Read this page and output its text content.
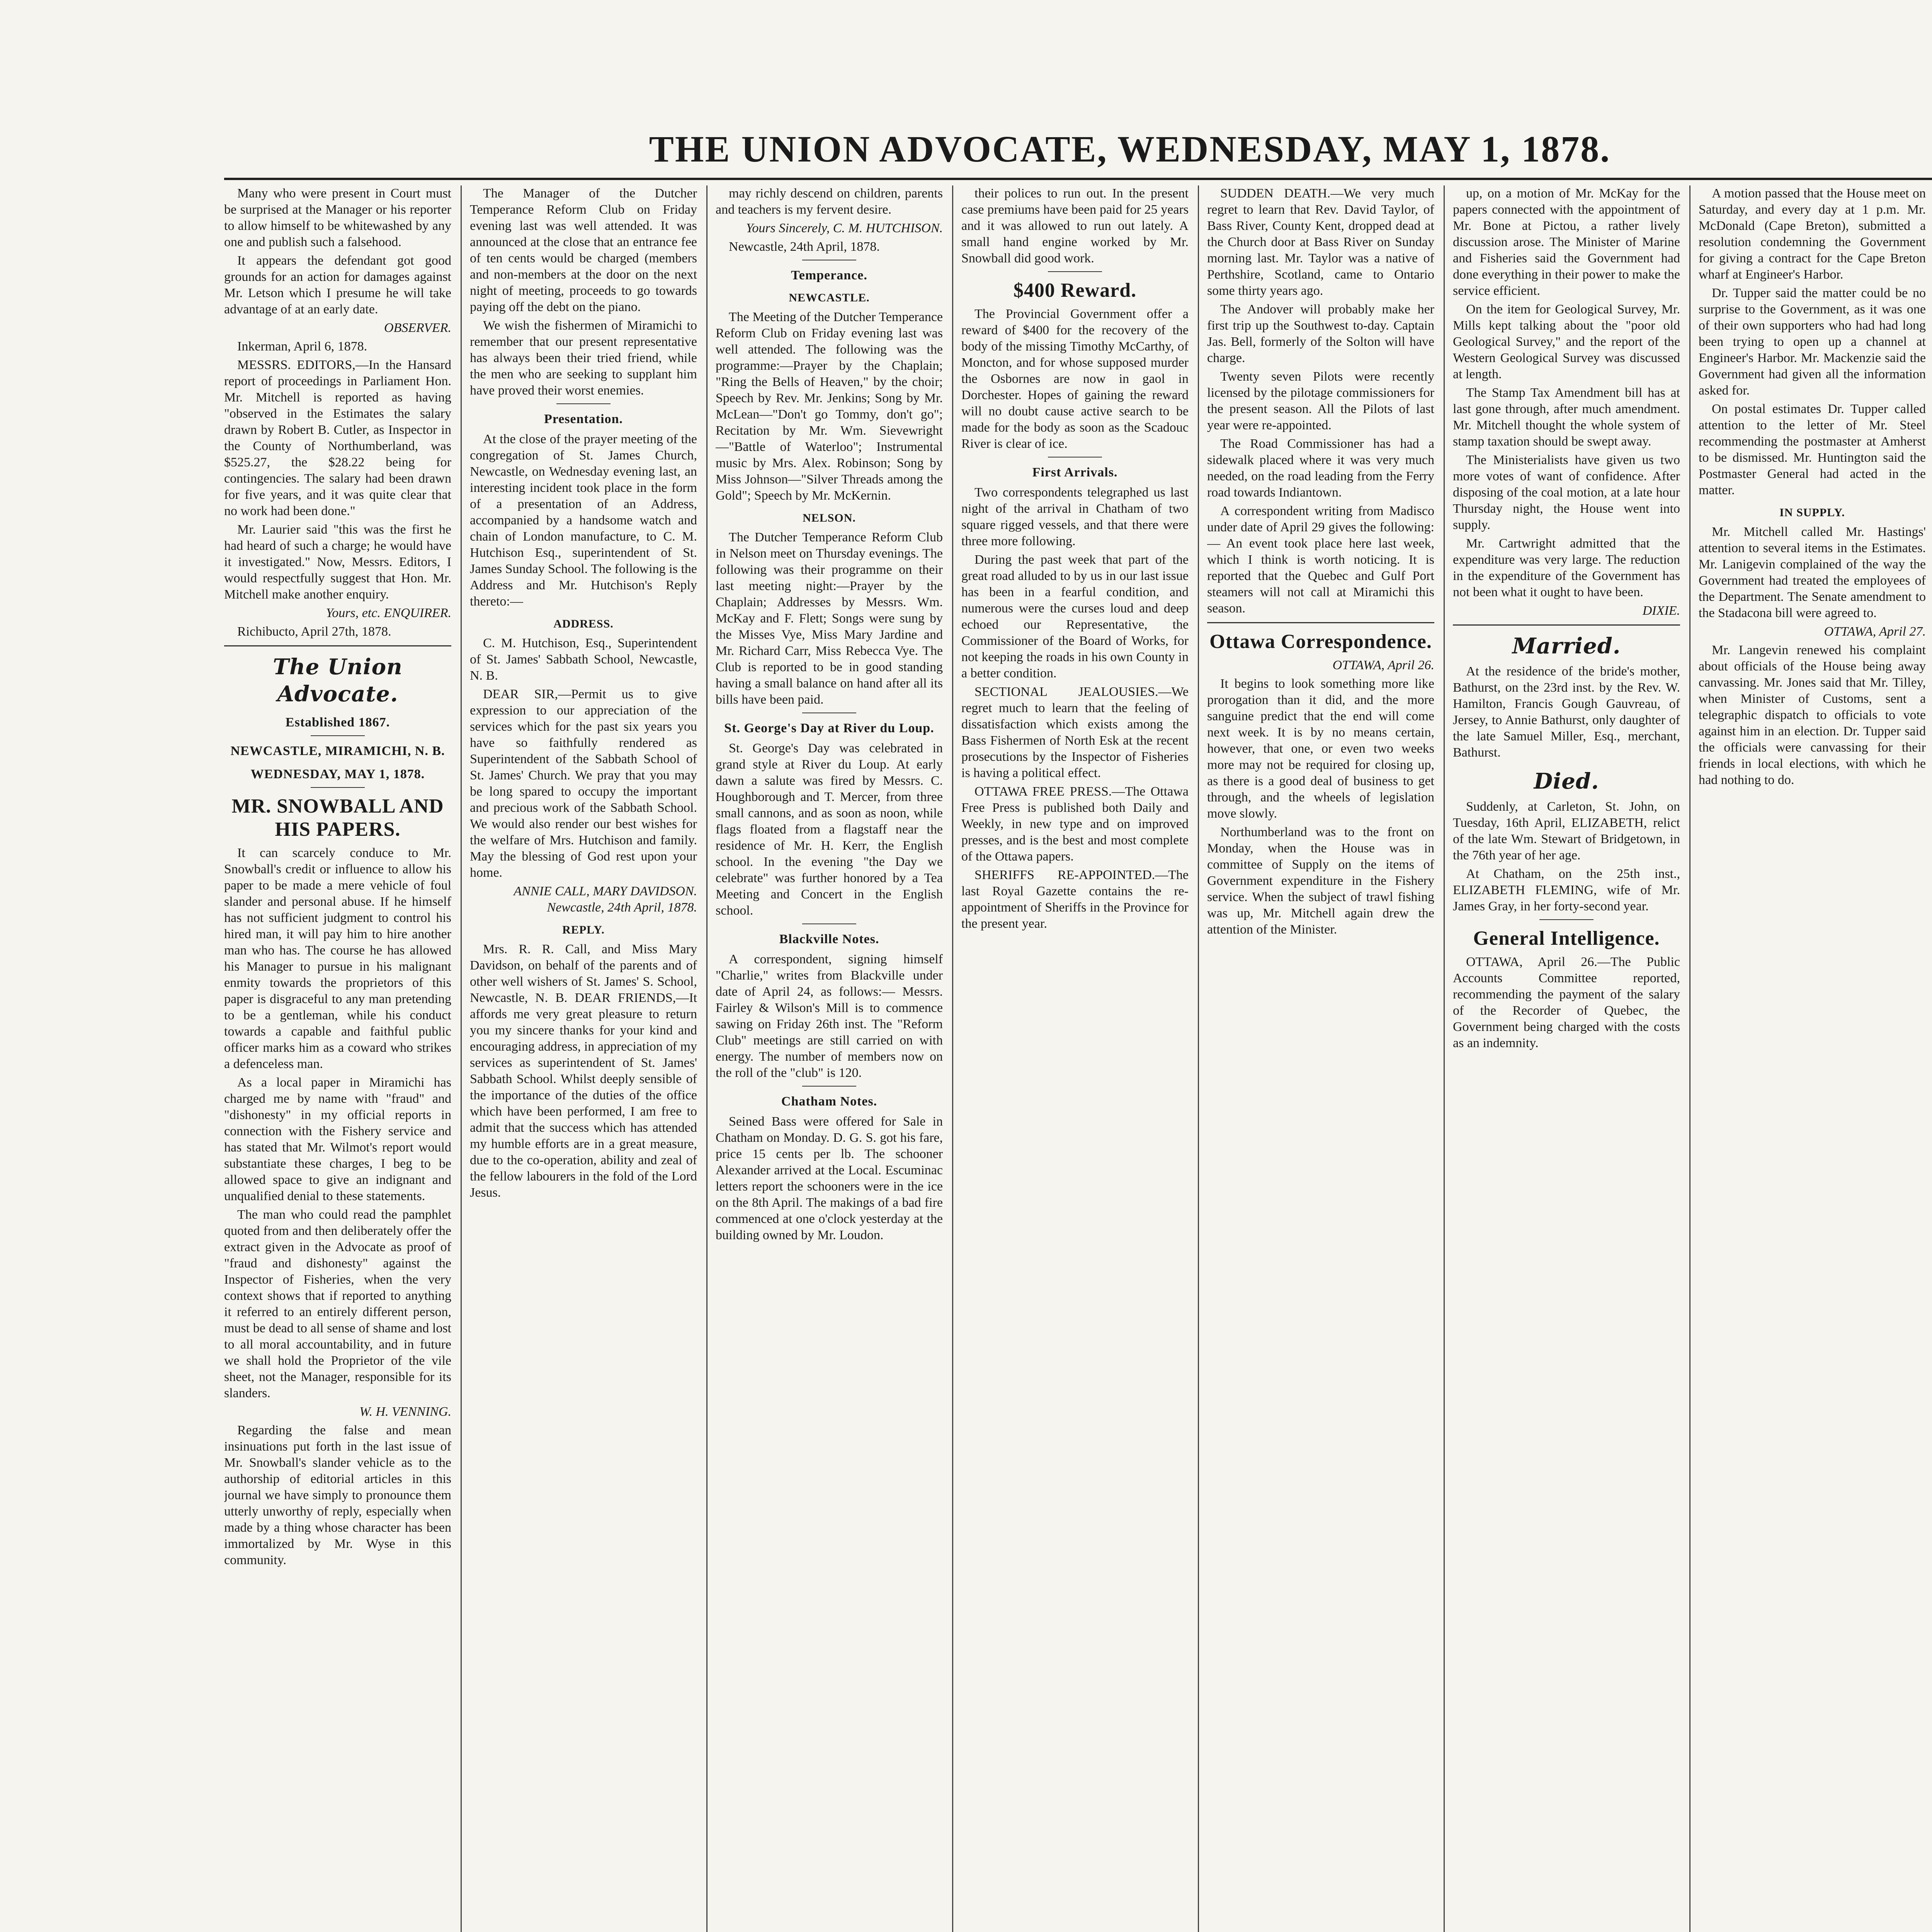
THE UNION ADVOCATE, WEDNESDAY, MAY 1, 1878.

Many who were present in Court must be surprised at the Manager or his reporter to allow himself to be whitewashed by any one and publish such a falsehood.

It appears the defendant got good grounds for an action for damages against Mr. Letson which I presume he will take advantage of at an early date.

OBSERVER.

Inkerman, April 6, 1878.

MESSRS. EDITORS,—In the Hansard report of proceedings in Parliament Hon. Mr. Mitchell is reported as having "observed in the Estimates the salary drawn by Robert B. Cutler, as Inspector in the County of Northumberland, was $525.27, the $28.22 being for contingencies. The salary had been drawn for five years, and it was quite clear that no work had been done."

Mr. Laurier said "this was the first he had heard of such a charge; he would have it investigated." Now, Messrs. Editors, I would respectfully suggest that Hon. Mr. Mitchell make another enquiry.

Yours, etc. ENQUIRER.

Richibucto, April 27th, 1878.

The Union Advocate.

Established 1867.

NEWCASTLE, MIRAMICHI, N. B.

WEDNESDAY, MAY 1, 1878.

MR. SNOWBALL AND HIS PAPERS.

It can scarcely conduce to Mr. Snowball's credit or influence to allow his paper to be made a mere vehicle of foul slander and personal abuse. If he himself has not sufficient judgment to control his hired man, it will pay him to hire another man who has. The course he has allowed his Manager to pursue in his malignant enmity towards the proprietors of this paper is disgraceful to any man pretending to be a gentleman, while his conduct towards a capable and faithful public officer marks him as a coward who strikes a defenceless man.

As a local paper in Miramichi has charged me by name with "fraud" and "dishonesty" in my official reports in connection with the Fishery service and has stated that Mr. Wilmot's report would substantiate these charges, I beg to be allowed space to give an indignant and unqualified denial to these statements.

The man who could read the pamphlet quoted from and then deliberately offer the extract given in the Advocate as proof of "fraud and dishonesty" against the Inspector of Fisheries, when the very context shows that if reported to anything it referred to an entirely different person, must be dead to all sense of shame and lost to all moral accountability, and in future we shall hold the Proprietor of the vile sheet, not the Manager, responsible for its slanders.

W. H. VENNING.

Regarding the false and mean insinuations put forth in the last issue of Mr. Snowball's slander vehicle as to the authorship of editorial articles in this journal we have simply to pronounce them utterly unworthy of reply, especially when made by a thing whose character has been immortalized by Mr. Wyse in this community.

The Manager of the Dutcher Temperance Reform Club on Friday evening last was well attended. It was announced at the close that an entrance fee of ten cents would be charged (members and non-members at the door on the next night of meeting, proceeds to go towards paying off the debt on the piano.

We wish the fishermen of Miramichi to remember that our present representative has always been their tried friend, while the men who are seeking to supplant him have proved their worst enemies.

Presentation.

At the close of the prayer meeting of the congregation of St. James Church, Newcastle, on Wednesday evening last, an interesting incident took place in the form of a presentation of an Address, accompanied by a handsome watch and chain of London manufacture, to C. M. Hutchison Esq., superintendent of St. James Sunday School. The following is the Address and Mr. Hutchison's Reply thereto:—

ADDRESS.

C. M. Hutchison, Esq., Superintendent of St. James' Sabbath School, Newcastle, N. B.

DEAR SIR,—Permit us to give expression to our appreciation of the services which for the past six years you have so faithfully rendered as Superintendent of the Sabbath School of St. James' Church. We pray that you may be long spared to occupy the important and precious work of the Sabbath School. We would also render our best wishes for the welfare of Mrs. Hutchison and family. May the blessing of God rest upon your home.

ANNIE CALL, MARY DAVIDSON. Newcastle, 24th April, 1878.

REPLY.

Mrs. R. R. Call, and Miss Mary Davidson, on behalf of the parents and of other well wishers of St. James' S. School, Newcastle, N. B. DEAR FRIENDS,—It affords me very great pleasure to return you my sincere thanks for your kind and encouraging address, in appreciation of my services as superintendent of St. James' Sabbath School. Whilst deeply sensible of the importance of the duties of the office which have been performed, I am free to admit that the success which has attended my humble efforts are in a great measure, due to the co-operation, ability and zeal of the fellow labourers in the fold of the Lord Jesus.

may richly descend on children, parents and teachers is my fervent desire.

Yours Sincerely, C. M. HUTCHISON.

Newcastle, 24th April, 1878.

Temperance.

NEWCASTLE.

The Meeting of the Dutcher Temperance Reform Club on Friday evening last was well attended. The following was the programme:—Prayer by the Chaplain; "Ring the Bells of Heaven," by the choir; Speech by Rev. Mr. Jenkins; Song by Mr. McLean—"Don't go Tommy, don't go"; Recitation by Mr. Wm. Sievewright—"Battle of Waterloo"; Instrumental music by Mrs. Alex. Robinson; Song by Miss Johnson—"Silver Threads among the Gold"; Speech by Mr. McKernin.

NELSON.

The Dutcher Temperance Reform Club in Nelson meet on Thursday evenings. The following was their programme on their last meeting night:—Prayer by the Chaplain; Addresses by Messrs. Wm. McKay and F. Flett; Songs were sung by the Misses Vye, Miss Mary Jardine and Mr. Richard Carr, Miss Rebecca Vye. The Club is reported to be in good standing having a small balance on hand after all its bills have been paid.

St. George's Day at River du Loup.

St. George's Day was celebrated in grand style at River du Loup. At early dawn a salute was fired by Messrs. C. Houghborough and T. Mercer, from three small cannons, and as soon as noon, while flags floated from a flagstaff near the residence of Mr. H. Kerr, the English school. In the evening "the Day we celebrate" was further honored by a Tea Meeting and Concert in the English school.

Blackville Notes.

A correspondent, signing himself "Charlie," writes from Blackville under date of April 24, as follows:— Messrs. Fairley & Wilson's Mill is to commence sawing on Friday 26th inst. The "Reform Club" meetings are still carried on with energy. The number of members now on the roll of the "club" is 120.

Chatham Notes.

Seined Bass were offered for Sale in Chatham on Monday. D. G. S. got his fare, price 15 cents per lb. The schooner Alexander arrived at the Local. Escuminac letters report the schooners were in the ice on the 8th April. The makings of a bad fire commenced at one o'clock yesterday at the building owned by Mr. Loudon.

their polices to run out. In the present case premiums have been paid for 25 years and it was allowed to run out lately. A small hand engine worked by Mr. Snowball did good work.

$400 Reward.

The Provincial Government offer a reward of $400 for the recovery of the body of the missing Timothy McCarthy, of Moncton, and for whose supposed murder the Osbornes are now in gaol in Dorchester. Hopes of gaining the reward will no doubt cause active search to be made for the body as soon as the Scadouc River is clear of ice.

First Arrivals.

Two correspondents telegraphed us last night of the arrival in Chatham of two square rigged vessels, and that there were three more following.

During the past week that part of the great road alluded to by us in our last issue has been in a fearful condition, and numerous were the curses loud and deep echoed our Representative, the Commissioner of the Board of Works, for not keeping the roads in his own County in a better condition.

SECTIONAL JEALOUSIES.—We regret much to learn that the feeling of dissatisfaction which exists among the Bass Fishermen of North Esk at the recent prosecutions by the Inspector of Fisheries is having a political effect.

OTTAWA FREE PRESS.—The Ottawa Free Press is published both Daily and Weekly, in new type and on improved presses, and is the best and most complete of the Ottawa papers.

SHERIFFS RE-APPOINTED.—The last Royal Gazette contains the re-appointment of Sheriffs in the Province for the present year.

SUDDEN DEATH.—We very much regret to learn that Rev. David Taylor, of Bass River, County Kent, dropped dead at the Church door at Bass River on Sunday morning last. Mr. Taylor was a native of Perthshire, Scotland, came to Ontario some thirty years ago.

The Andover will probably make her first trip up the Southwest to-day. Captain Jas. Bell, formerly of the Solton will have charge.

Twenty seven Pilots were recently licensed by the pilotage commissioners for the present season. All the Pilots of last year were re-appointed.

The Road Commissioner has had a sidewalk placed where it was very much needed, on the road leading from the Ferry road towards Indiantown.

A correspondent writing from Madisco under date of April 29 gives the following:— An event took place here last week, which I think is worth noticing. It is reported that the Quebec and Gulf Port steamers will not call at Miramichi this season.

Ottawa Correspondence.

OTTAWA, April 26.

It begins to look something more like prorogation than it did, and the more sanguine predict that the end will come next week. It is by no means certain, however, that one, or even two weeks more may not be required for closing up, as there is a good deal of business to get through, and the wheels of legislation move slowly.

Northumberland was to the front on Monday, when the House was in committee of Supply on the items of Government expenditure in the Fishery service. When the subject of trawl fishing was up, Mr. Mitchell again drew the attention of the Minister.

up, on a motion of Mr. McKay for the papers connected with the appointment of Mr. Bone at Pictou, a rather lively discussion arose. The Minister of Marine and Fisheries said the Government had done everything in their power to make the service efficient.

On the item for Geological Survey, Mr. Mills kept talking about the "poor old Geological Survey," and the report of the Western Geological Survey was discussed at length.

The Stamp Tax Amendment bill has at last gone through, after much amendment. Mr. Mitchell thought the whole system of stamp taxation should be swept away.

The Ministerialists have given us two more votes of want of confidence. After disposing of the coal motion, at a late hour Thursday night, the House went into supply.

Mr. Cartwright admitted that the expenditure was very large. The reduction in the expenditure of the Government has not been what it ought to have been.

DIXIE.

Married.

At the residence of the bride's mother, Bathurst, on the 23rd inst. by the Rev. W. Hamilton, Francis Gough Gauvreau, of Jersey, to Annie Bathurst, only daughter of the late Samuel Miller, Esq., merchant, Bathurst.

Died.

Suddenly, at Carleton, St. John, on Tuesday, 16th April, ELIZABETH, relict of the late Wm. Stewart of Bridgetown, in the 76th year of her age.

At Chatham, on the 25th inst., ELIZABETH FLEMING, wife of Mr. James Gray, in her forty-second year.

General Intelligence.

OTTAWA, April 26.—The Public Accounts Committee reported, recommending the payment of the salary of the Recorder of Quebec, the Government being charged with the costs as an indemnity.

A motion passed that the House meet on Saturday, and every day at 1 p.m. Mr. McDonald (Cape Breton), submitted a resolution condemning the Government for giving a contract for the Cape Breton wharf at Engineer's Harbor.

Dr. Tupper said the matter could be no surprise to the Government, as it was one of their own supporters who had had long been trying to open up a channel at Engineer's Harbor. Mr. Mackenzie said the Government had given all the information asked for.

On postal estimates Dr. Tupper called attention to the letter of Mr. Steel recommending the postmaster at Amherst to be dismissed. Mr. Huntington said the Postmaster General had acted in the matter.

IN SUPPLY.

Mr. Mitchell called Mr. Hastings' attention to several items in the Estimates. Mr. Lanigevin complained of the way the Government had treated the employees of the Department. The Senate amendment to the Stadacona bill were agreed to.

OTTAWA, April 27.

Mr. Langevin renewed his complaint about officials of the House being away canvassing. Mr. Jones said that Mr. Tilley, when Minister of Customs, sent a telegraphic dispatch to officials to vote against him in an election. Dr. Tupper said the officials were canvassing for their friends in local elections, with which he had nothing to do.
